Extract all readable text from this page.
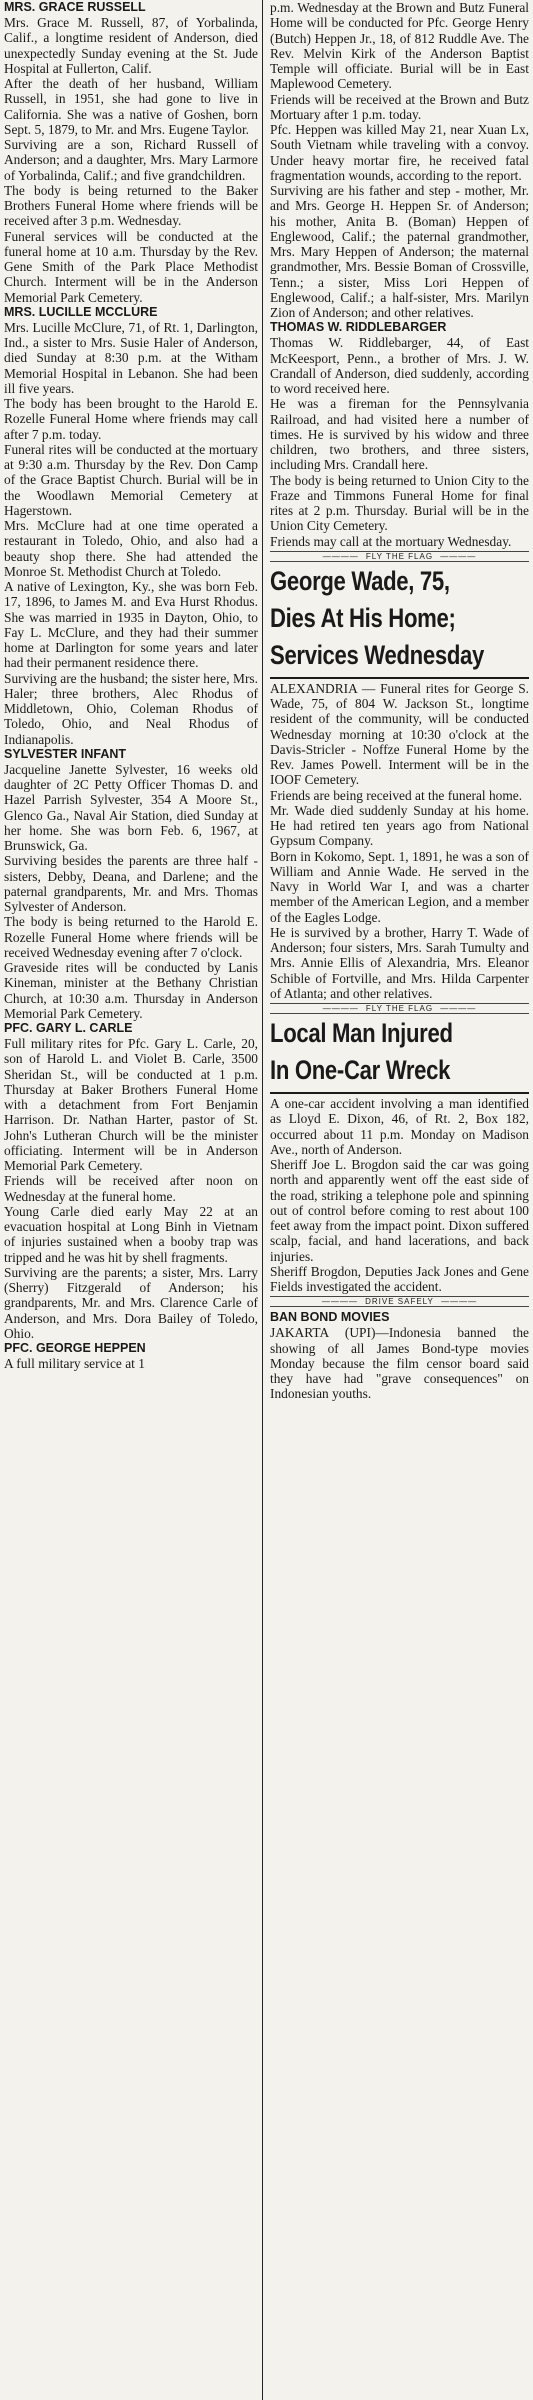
MRS. GRACE RUSSELL

Mrs. Grace M. Russell, 87, of Yorbalinda, Calif., a longtime resident of Anderson, died unexpectedly Sunday evening at the St. Jude Hospital at Fullerton, Calif.
After the death of her husband, William Russell, in 1951, she had gone to live in California. She was a native of Goshen, born Sept. 5, 1879, to Mr. and Mrs. Eugene Taylor.
Surviving are a son, Richard Russell of Anderson; and a daughter, Mrs. Mary Larmore of Yorbalinda, Calif.; and five grandchildren.
The body is being returned to the Baker Brothers Funeral Home where friends will be received after 3 p.m. Wednesday.
Funeral services will be conducted at the funeral home at 10 a.m. Thursday by the Rev. Gene Smith of the Park Place Methodist Church. Interment will be in the Anderson Memorial Park Cemetery.

MRS. LUCILLE MCCLURE

Mrs. Lucille McClure, 71, of Rt. 1, Darlington, Ind., a sister to Mrs. Susie Haler of Anderson, died Sunday at 8:30 p.m. at the Witham Memorial Hospital in Lebanon. She had been ill five years.
The body has been brought to the Harold E. Rozelle Funeral Home where friends may call after 7 p.m. today.
Funeral rites will be conducted at the mortuary at 9:30 a.m. Thursday by the Rev. Don Camp of the Grace Baptist Church. Burial will be in the Woodlawn Memorial Cemetery at Hagerstown.
Mrs. McClure had at one time operated a restaurant in Toledo, Ohio, and also had a beauty shop there. She had attended the Monroe St. Methodist Church at Toledo.
A native of Lexington, Ky., she was born Feb. 17, 1896, to James M. and Eva Hurst Rhodus. She was married in 1935 in Dayton, Ohio, to Fay L. McClure, and they had their summer home at Darlington for some years and later had their permanent residence there.
Surviving are the husband; the sister here, Mrs. Haler; three brothers, Alec Rhodus of Middletown, Ohio, Coleman Rhodus of Toledo, Ohio, and Neal Rhodus of Indianapolis.

SYLVESTER INFANT

Jacqueline Janette Sylvester, 16 weeks old daughter of 2C Petty Officer Thomas D. and Hazel Parrish Sylvester, 354 A Moore St., Glenco Ga., Naval Air Station, died Sunday at her home. She was born Feb. 6, 1967, at Brunswick, Ga.
Surviving besides the parents are three half - sisters, Debby, Deana, and Darlene; and the paternal grandparents, Mr. and Mrs. Thomas Sylvester of Anderson.
The body is being returned to the Harold E. Rozelle Funeral Home where friends will be received Wednesday evening after 7 o'clock.
Graveside rites will be conducted by Lanis Kineman, minister at the Bethany Christian Church, at 10:30 a.m. Thursday in Anderson Memorial Park Cemetery.

PFC. GARY L. CARLE

Full military rites for Pfc. Gary L. Carle, 20, son of Harold L. and Violet B. Carle, 3500 Sheridan St., will be conducted at 1 p.m. Thursday at Baker Brothers Funeral Home with a detachment from Fort Benjamin Harrison. Dr. Nathan Harter, pastor of St. John's Lutheran Church will be the minister officiating. Interment will be in Anderson Memorial Park Cemetery.
Friends will be received after noon on Wednesday at the funeral home.
Young Carle died early May 22 at an evacuation hospital at Long Binh in Vietnam of injuries sustained when a booby trap was tripped and he was hit by shell fragments.
Surviving are the parents; a sister, Mrs. Larry (Sherry) Fitzgerald of Anderson; his grandparents, Mr. and Mrs. Clarence Carle of Anderson, and Mrs. Dora Bailey of Toledo, Ohio.

PFC. GEORGE HEPPEN

A full military service at 1

p.m. Wednesday at the Brown and Butz Funeral Home will be conducted for Pfc. George Henry (Butch) Heppen Jr., 18, of 812 Ruddle Ave. The Rev. Melvin Kirk of the Anderson Baptist Temple will officiate. Burial will be in East Maplewood Cemetery.
Friends will be received at the Brown and Butz Mortuary after 1 p.m. today.
Pfc. Heppen was killed May 21, near Xuan Lx, South Vietnam while traveling with a convoy. Under heavy mortar fire, he received fatal fragmentation wounds, according to the report.
Surviving are his father and step - mother, Mr. and Mrs. George H. Heppen Sr. of Anderson; his mother, Anita B. (Boman) Heppen of Englewood, Calif.; the paternal grandmother, Mrs. Mary Heppen of Anderson; the maternal grandmother, Mrs. Bessie Boman of Crossville, Tenn.; a sister, Miss Lori Heppen of Englewood, Calif.; a half-sister, Mrs. Marilyn Zion of Anderson; and other relatives.

THOMAS W. RIDDLEBARGER

Thomas W. Riddlebarger, 44, of East McKeesport, Penn., a brother of Mrs. J. W. Crandall of Anderson, died suddenly, according to word received here.
He was a fireman for the Pennsylvania Railroad, and had visited here a number of times. He is survived by his widow and three children, two brothers, and three sisters, including Mrs. Crandall here.
The body is being returned to Union City to the Fraze and Timmons Funeral Home for final rites at 2 p.m. Thursday. Burial will be in the Union City Cemetery.
Friends may call at the mortuary Wednesday.

———— FLY THE FLAG ————
George Wade, 75,
Dies At His Home;
Services Wednesday

ALEXANDRIA — Funeral rites for George S. Wade, 75, of 804 W. Jackson St., longtime resident of the community, will be conducted Wednesday morning at 10:30 o'clock at the Davis-Stricler - Noffze Funeral Home by the Rev. James Powell. Interment will be in the IOOF Cemetery.
Friends are being received at the funeral home.
Mr. Wade died suddenly Sunday at his home. He had retired ten years ago from National Gypsum Company.
Born in Kokomo, Sept. 1, 1891, he was a son of William and Annie Wade. He served in the Navy in World War I, and was a charter member of the American Legion, and a member of the Eagles Lodge.
He is survived by a brother, Harry T. Wade of Anderson; four sisters, Mrs. Sarah Tumulty and Mrs. Annie Ellis of Alexandria, Mrs. Eleanor Schible of Fortville, and Mrs. Hilda Carpenter of Atlanta; and other relatives.

———— FLY THE FLAG ————
Local Man Injured
In One-Car Wreck

A one-car accident involving a man identified as Lloyd E. Dixon, 46, of Rt. 2, Box 182, occurred about 11 p.m. Monday on Madison Ave., north of Anderson.
Sheriff Joe L. Brogdon said the car was going north and apparently went off the east side of the road, striking a telephone pole and spinning out of control before coming to rest about 100 feet away from the impact point. Dixon suffered scalp, facial, and hand lacerations, and back injuries.
Sheriff Brogdon, Deputies Jack Jones and Gene Fields investigated the accident.

———— DRIVE SAFELY ————
BAN BOND MOVIES

JAKARTA (UPI)—Indonesia banned the showing of all James Bond-type movies Monday because the film censor board said they have had "grave consequences" on Indonesian youths.
